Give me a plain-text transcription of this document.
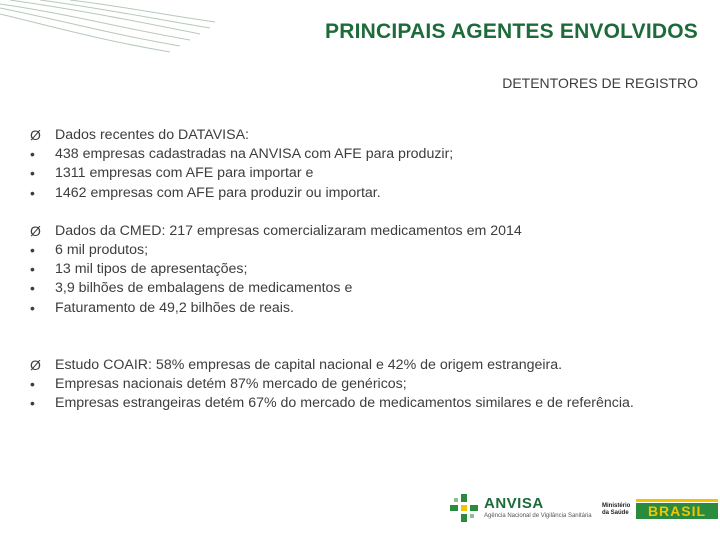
PRINCIPAIS AGENTES ENVOLVIDOS
DETENTORES DE REGISTRO
Ø Dados recentes do DATAVISA:
•	438 empresas cadastradas na ANVISA com AFE para produzir;
•	1311 empresas com AFE para importar e
•	1462 empresas com AFE para produzir ou importar.
Ø Dados da CMED: 217 empresas comercializaram medicamentos em 2014
•	6 mil produtos;
•	13 mil tipos de apresentações;
•	3,9 bilhões de embalagens de medicamentos e
•	Faturamento de 49,2 bilhões de reais.
Ø Estudo COAIR: 58% empresas de capital nacional e 42% de origem estrangeira.
•	Empresas nacionais detém 87% mercado de genéricos;
•	Empresas estrangeiras detém 67% do mercado de medicamentos similares e de referência.
ANVISA
Agência Nacional de Vigilância Sanitária
Ministério da Saúde	BRASIL
